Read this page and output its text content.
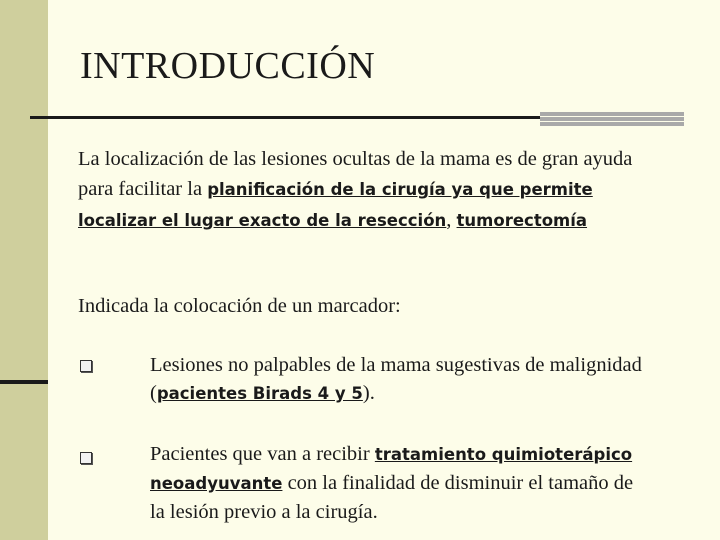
INTRODUCCIÓN
La localización de las lesiones ocultas de la mama es de gran ayuda para facilitar la planificación de la cirugía ya que permite localizar el lugar exacto de la resección, tumorectomía
Indicada la colocación de un marcador:
Lesiones no palpables de la mama sugestivas de malignidad (pacientes Birads 4 y 5).
Pacientes que van a recibir tratamiento quimioterápico neoadyuvante con la finalidad de disminuir el tamaño de la lesión previo a la cirugía.
